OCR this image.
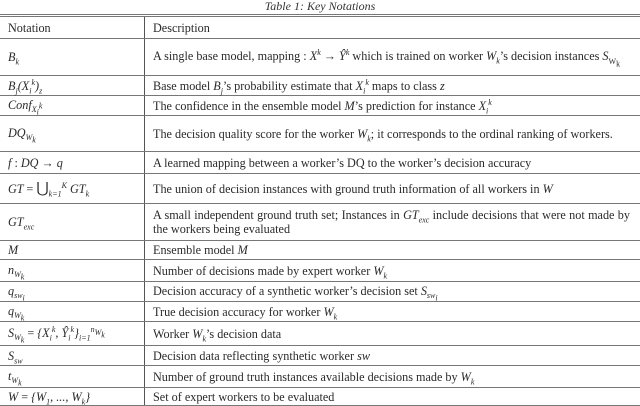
Table 1: Key Notations
Notation	Description
$B_k$	A single base model, mapping : $X^k$ → $Ŷ^k$ which is trained on worker $W_k’s$ decision instances $S_{W_k}$
$B_j(X_i^k)_z$	Base model $B_j’s$ probability estimate that $X_i^k$ maps to class z
Conf$_{X_i^k}$	The confidence in the ensemble model M’s prediction for instance $X_i^k$
$DQ_{W_k}$	The decision quality score for the worker $W_k$; it corresponds to the ordinal ranking of workers.
f : DQ → q	A learned mapping between a worker’s DQ to the worker’s decision accuracy
GT = $⋃_{k=1}^K$ $GT_k$	The union of decision instances with ground truth information of all workers in W
$GT_{exc}$	A small independent ground truth set; Instances in $GT_{exc}$ include decisions that were not made by the workers being evaluated
M	Ensemble model M
$n_{W_k}$	Number of decisions made by expert worker $W_k$
$q_{sw_i}$	Decision accuracy of a synthetic worker’s decision set $S_{sw_i}$
$q_{W_k}$	True decision accuracy for worker $W_k$
$S_{W_k} = \{X_i^k$, $Ŷ_i^k\}_{i=1}^{n_{W_k}}$	Worker $W_k’s$ decision data
$S_{sw}$	Decision data reflecting synthetic worker sw
$t_{W_k}$	Number of ground truth instances available decisions made by $W_k$
$W = \{W_1$, ..., $W_k$}	Set of expert workers to be evaluated
